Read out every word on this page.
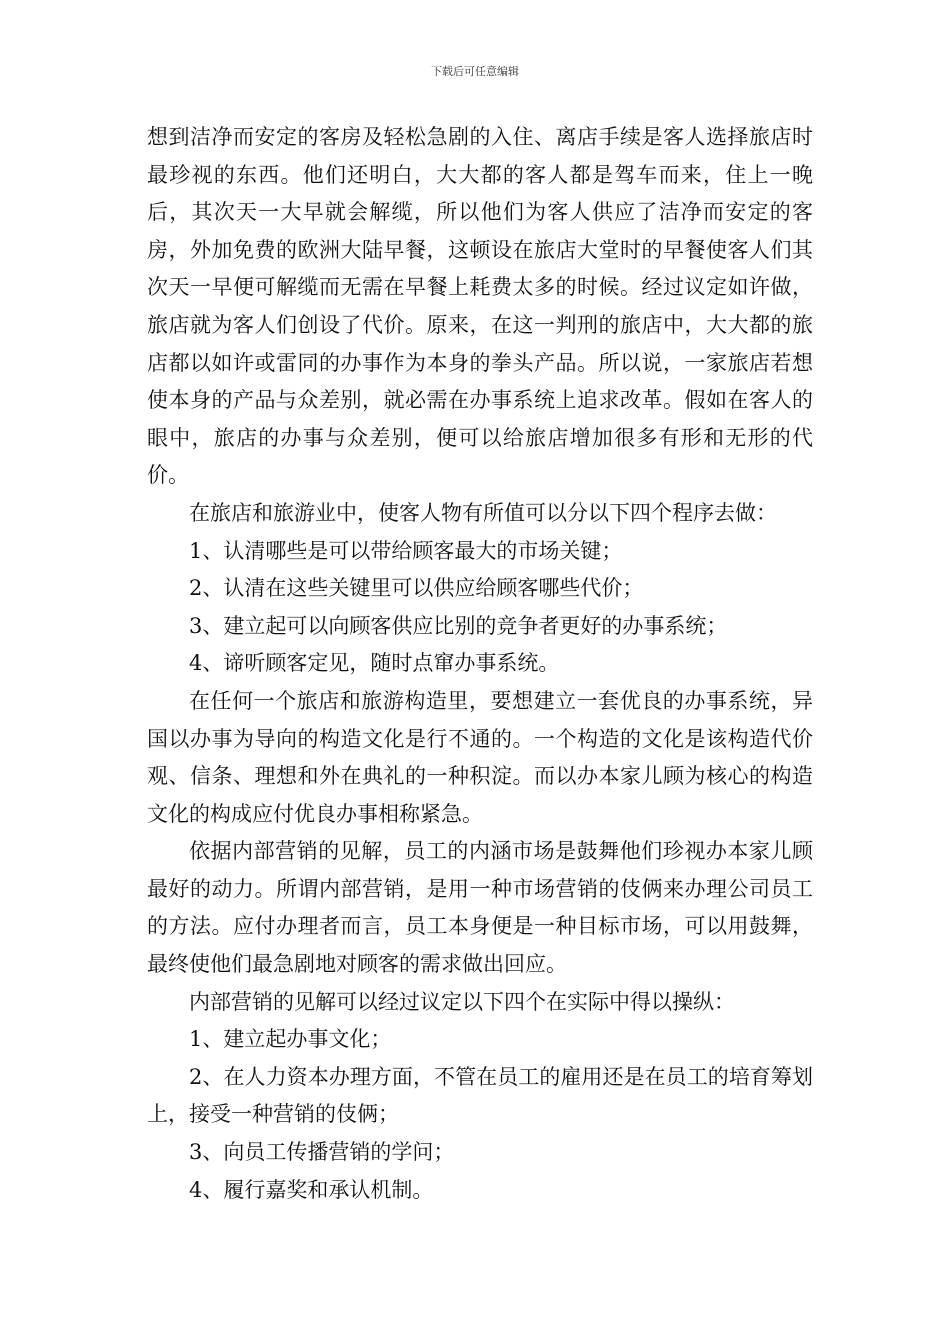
下载后可任意编辑

想到洁净而安定的客房及轻松急剧的入住、离店手续是客人选择旅店时最珍视的东西。他们还明白，大大都的客人都是驾车而来，住上一晚后，其次天一大早就会解缆，所以他们为客人供应了洁净而安定的客房，外加免费的欧洲大陆早餐，这顿设在旅店大堂时的早餐使客人们其次天一早便可解缆而无需在早餐上耗费太多的时候。经过议定如许做，旅店就为客人们创设了代价。原来，在这一判刑的旅店中，大大都的旅店都以如许或雷同的办事作为本身的拳头产品。所以说，一家旅店若想使本身的产品与众差别，就必需在办事系统上追求改革。假如在客人的眼中，旅店的办事与众差别，便可以给旅店增加很多有形和无形的代价。

在旅店和旅游业中，使客人物有所值可以分以下四个程序去做：

1、认清哪些是可以带给顾客最大的市场关键；

2、认清在这些关键里可以供应给顾客哪些代价；

3、建立起可以向顾客供应比别的竞争者更好的办事系统；

4、谛听顾客定见，随时点窜办事系统。

在任何一个旅店和旅游构造里，要想建立一套优良的办事系统，异国以办事为导向的构造文化是行不通的。一个构造的文化是该构造代价观、信条、理想和外在典礼的一种积淀。而以办本家儿顾为核心的构造文化的构成应付优良办事相称紧急。

依据内部营销的见解，员工的内涵市场是鼓舞他们珍视办本家儿顾最好的动力。所谓内部营销，是用一种市场营销的伎俩来办理公司员工的方法。应付办理者而言，员工本身便是一种目标市场，可以用鼓舞，最终使他们最急剧地对顾客的需求做出回应。

内部营销的见解可以经过议定以下四个在实际中得以操纵：

1、建立起办事文化；

2、在人力资本办理方面，不管在员工的雇用还是在员工的培育筹划上，接受一种营销的伎俩；

3、向员工传播营销的学问；

4、履行嘉奖和承认机制。
